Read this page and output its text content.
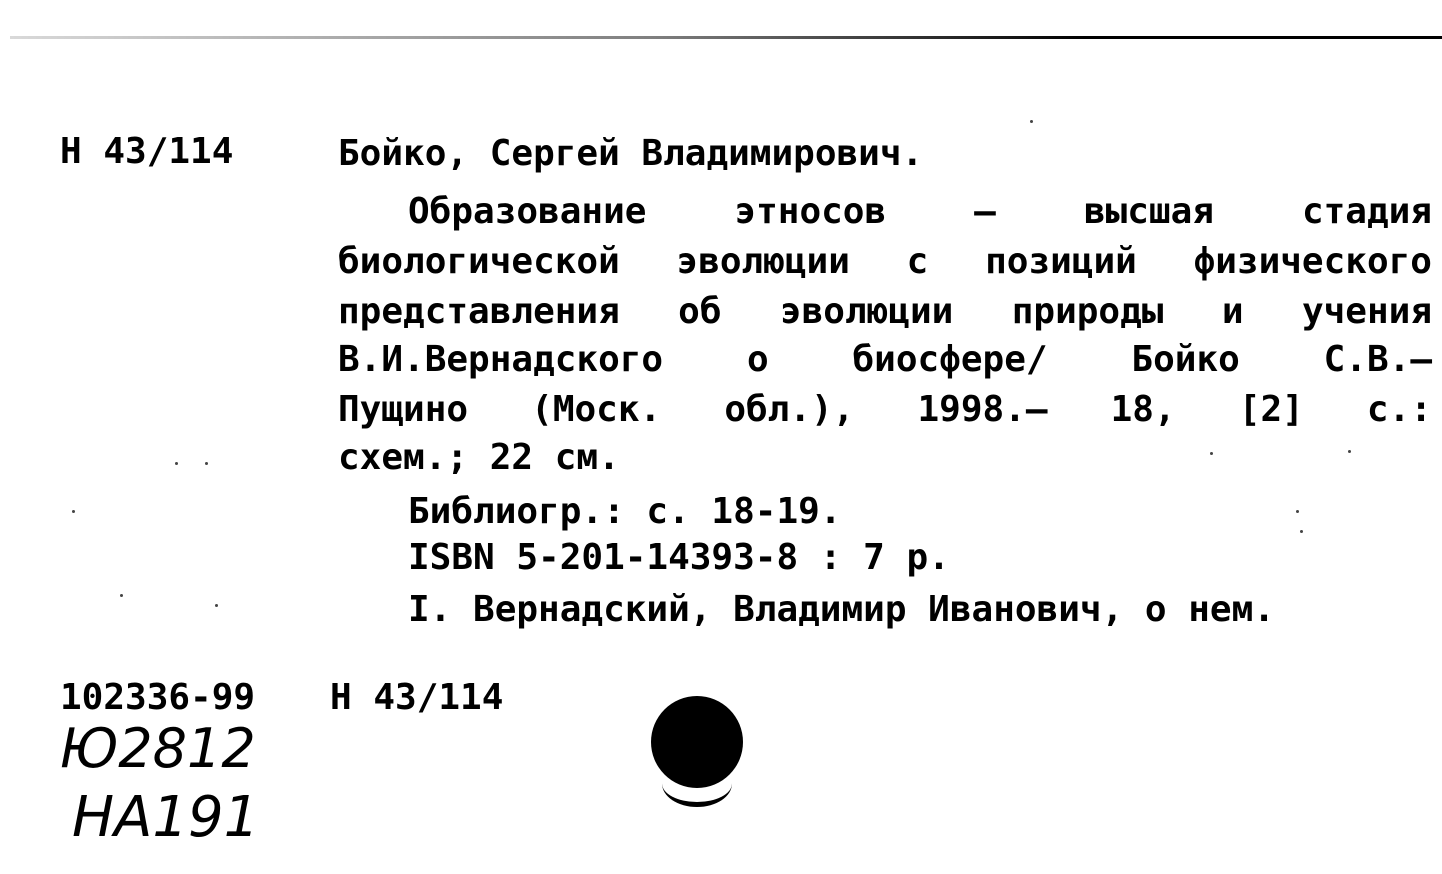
Н 43/114	Бойко, Сергей Владимирович.
Образование этносов – высшая стадия
биологической эволюции с позиций физического
представления об эволюции природы и учения
В.И.Вернадского о биосфере/ Бойко С.В.–
Пущино (Моск. обл.), 1998.– 18, [2] с.:
схем.; 22 см.
Библиогр.: с. 18-19.
ISBN 5-201-14393-8 : 7 р.
I. Вернадский, Владимир Иванович, о нем.
102336-99 Н 43/114
Ю2812
НА191
